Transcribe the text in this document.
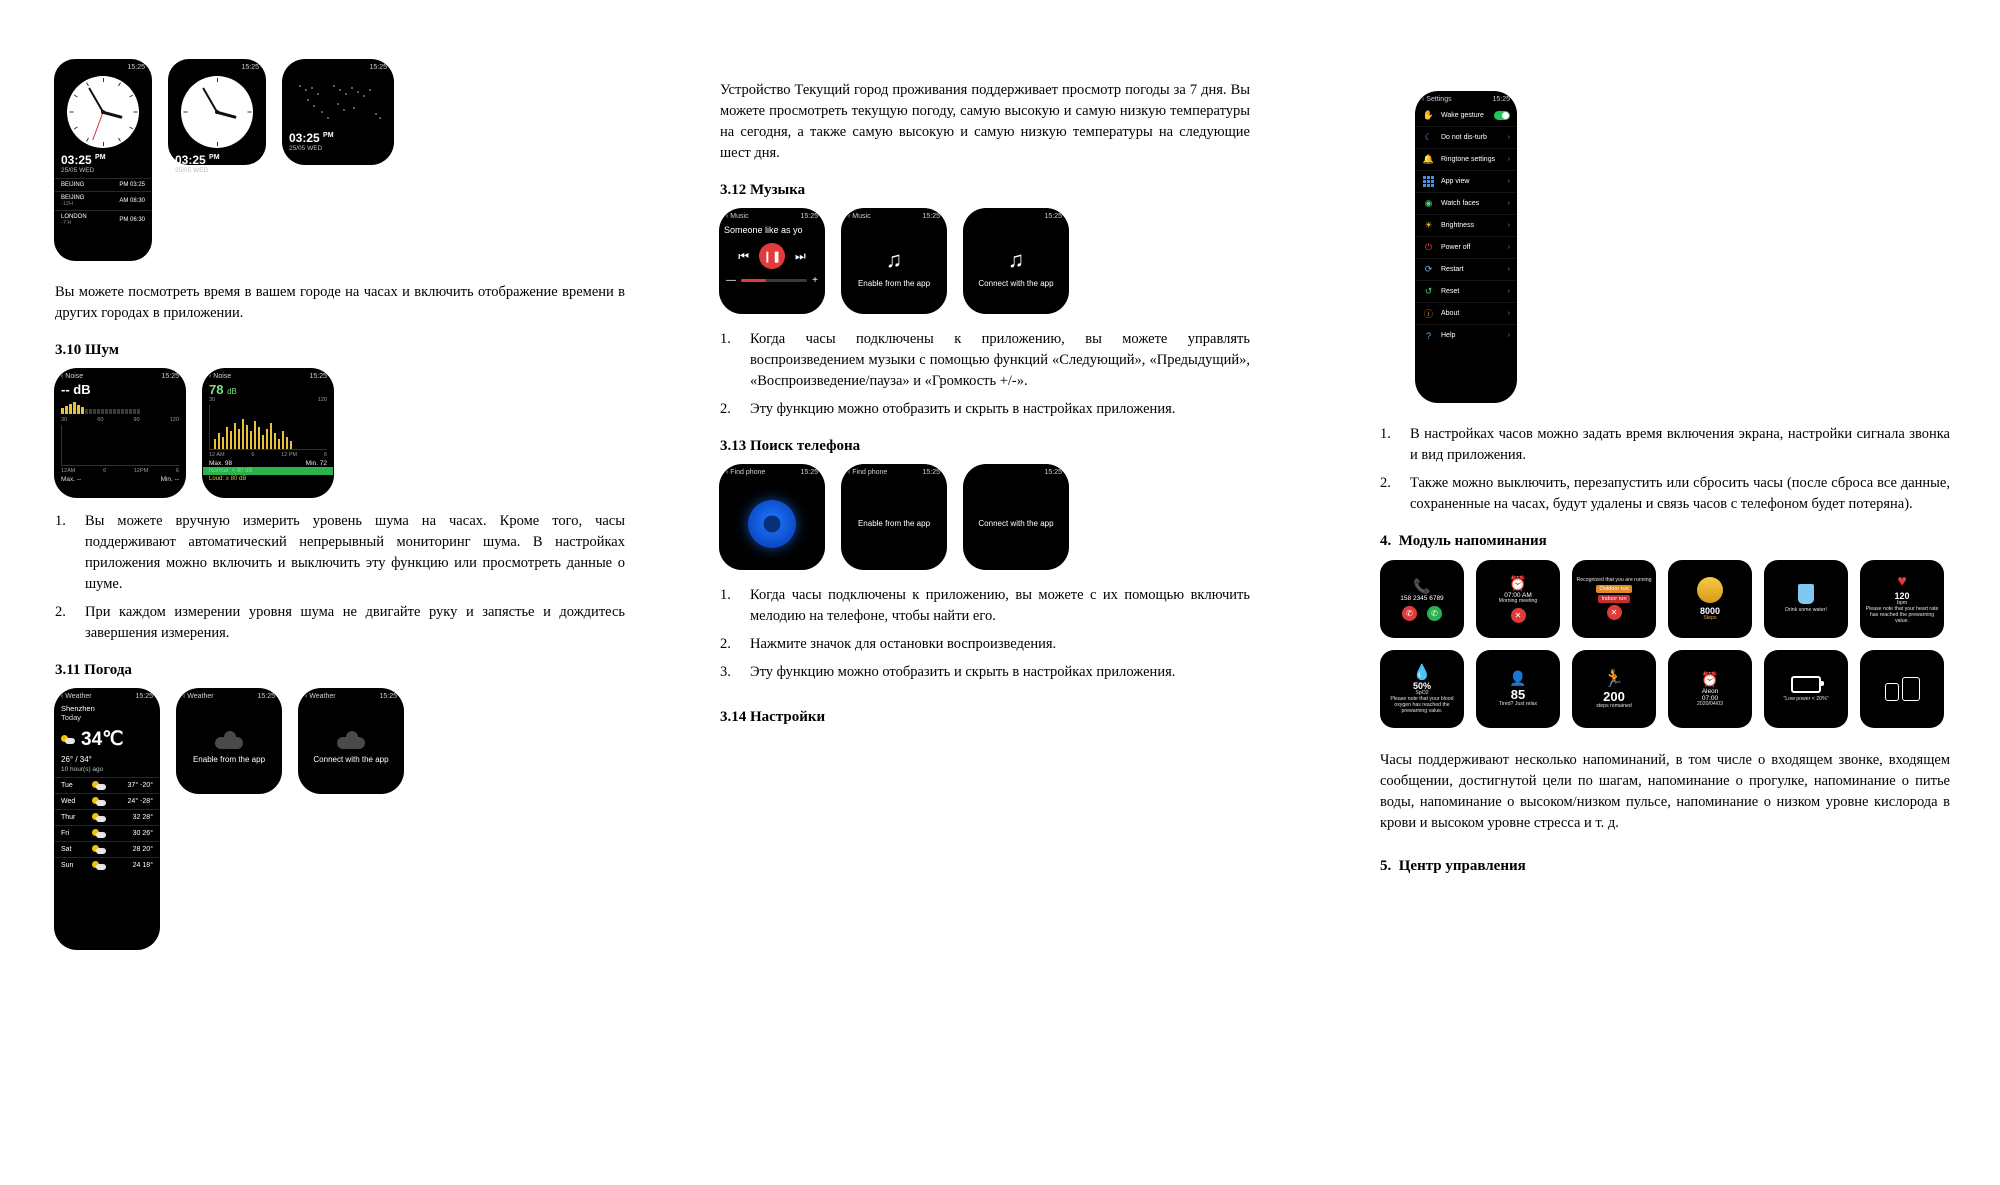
15:25
03:25 $^{PM}$
25/05 WED
BEIJING	PM 03:25
BEIJING
-12H	AM 08:30
LONDON
-7 H	PM 06:30
15:25
03:25 $^{PM}$
25/05 WED
15:25
03:25 $^{PM}$
25/05 WED

Вы можете посмотреть время в вашем городе на часах и включить отображение времени в других городах в приложении.

3.10 Шум
‹ Noise	15:25
-- dB
30	60	90	120
12AM	6	12PM	6
Max. --	Min. --
‹ Noise	15:25
78 dB
30	120
12 AM	6	12 PM	6
Max. 98	Min. 72
Normal: < 80 dB
Loud: ≥ 80 dB
1.	Вы можете вручную измерить уровень шума на часах. Кроме того, часы поддерживают автоматический непрерывный мониторинг шума. В настройках приложения можно включить и выключить эту функцию или просмотреть данные о шуме.
2.	При каждом измерении уровня шума не двигайте руку и запястье и дождитесь завершения измерения.
3.11 Погода
‹ Weather	15:25
Shenzhen
Today
34℃
26° / 34°
10 hour(s) ago
Tue	37° -20°
Wed	24° -28°
Thur	32 28°
Fri	30 26°
Sat	28 20°
Sun	24 18°
‹ Weather	15:25
Enable from the app
‹ Weather	15:25
Connect with the app

Устройство Текущий город проживания поддерживает просмотр погоды за 7 дня. Вы можете просмотреть текущую погоду, самую высокую и самую низкую температуры на сегодня, а также самую высокую и самую низкую температуры на следующие шест дня.

3.12 Музыка
‹ Music	15:25
Someone like as yo
⏮	❙❚	⏭
—	+
‹ Music	15:25
♫
Enable from the app
15:25
♫
Connect with the app
1.	Когда часы подключены к приложению, вы можете управлять воспроизведением музыки с помощью функций «Следующий», «Предыдущий», «Воспроизведение/пауза» и «Громкость +/-».
2.	Эту функцию можно отобразить и скрыть в настройках приложения.
3.13 Поиск телефона
‹ Find phone	15:25	‹ Find phone	15:25
Enable from the app
15:25
Connect with the app
1.	Когда часы подключены к приложению, вы можете с их помощью включить мелодию на телефоне, чтобы найти его.
2.	Нажмите значок для остановки воспроизведения.
3.	Эту функцию можно отобразить и скрыть в настройках приложения.
3.14 Настройки
‹ Settings	15:25
✋ Wake gesture
☾	Do not dis-turb	›
🔔 Ringtone settings	›
App view	›
◉	Watch faces	›
☀	Brightness	›
⏻	Power off	›
⟳	Restart	›
↺	Reset	›
ⓘ About	›
?	Help	›
1.	В настройках часов можно задать время включения экрана, настройки сигнала звонка и вид приложения.
2.	Также можно выключить, перезапустить или сбросить часы (после сброса все данные, сохраненные на часах, будут удалены и связь часов с телефоном будет потеряна).
4. Модуль напоминания
📞
158 2345 6789
✆	✆
⏰
07:00 AM
Morning meeting
✕
Recognized that you are running
Outdoor run
Indoor run
✕	8000
Steps
Drink some water!
♥
120
bpm
Please note that your heart rate has reached the prewarning value.
💧
50%
SpO2
Please note that your blood oxygen has reached the prewarning value.
👤
85
Tired? Just relax
🏃
200
steps remained
⏰
Aleon
07:00
2020/04/03
"Low power < 20%"

Часы поддерживают несколько напоминаний, в том числе о входящем звонке, входящем сообщении, достигнутой цели по шагам, напоминание о прогулке, напоминание о питье воды, напоминание о высоком/низком пульсе, напоминание о низком уровне кислорода в крови и высоком уровне стресса и т. д.

5. Центр управления
